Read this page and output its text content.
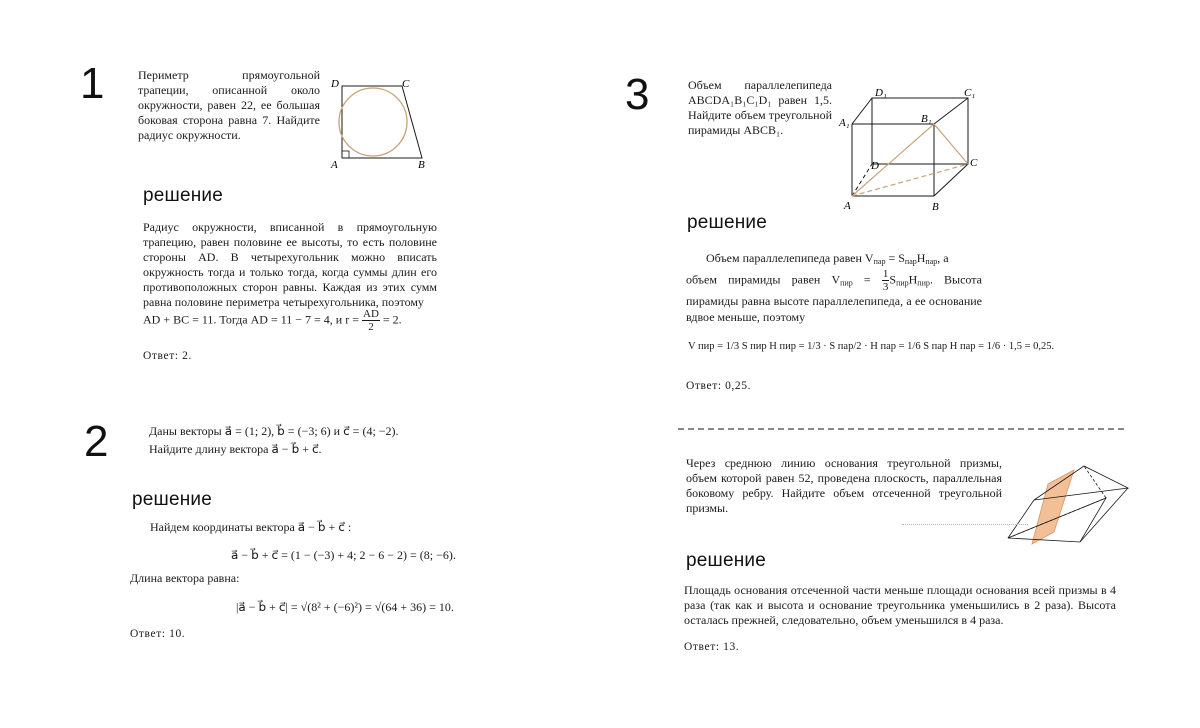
1	Периметр прямоугольной трапеции, описанной около окружности, равен 22, ее большая боковая сторона равна 7. Найдите радиус окружности.
D	C
A	B
решение
Радиус окружности, вписанной в прямоугольную трапецию, равен половине ее высоты, то есть половине стороны AD. В четырехугольник можно вписать окружность тогда и только тогда, когда суммы длин его противоположных сторон равны. Каждая из этих сумм равна половине периметра четырехугольника, поэтому
AD + BC = 11. Тогда AD = 11 − 7 = 4, и $r = \frac{AD}{2} = 2$.
Ответ: 2.
2	Даны векторы a⃗ = (1; 2), b⃗ = (−3; 6) и c⃗ = (4; −2).
Найдите длину вектора a⃗ − b⃗ + c⃗.
решение
Найдем координаты вектора a⃗ − b⃗ + c⃗ :
a⃗ − b⃗ + c⃗ = (1 − (−3) + 4; 2 − 6 − 2) = (8; −6).
Длина вектора равна:
|a⃗ − b⃗ + c⃗| = √(8² + (−6)²) = √(64 + 36) = 10.
Ответ: 10.
3	Объем параллелепипеда ABCDA₁B₁C₁D₁ равен 1,5. Найдите объем треугольной пирамиды ABCB₁.
D₁	C₁
A₁	B₁
D	C
A	B
решение
Объем параллелепипеда равен $V_{пар} = S_{пар}H_{пар}$, а
объем пирамиды равен $V_{пир} = \frac{1}{3} S_{пир}H_{пир}$. Высота пирамиды равна высоте параллелепипеда, а ее основание вдвое меньше, поэтому
V пир = 1/3 S пир H пир = 1/3 · S пар/2 · H пар = 1/6 S пар H пар = 1/6 · 1,5 = 0,25.
Ответ: 0,25.
Через среднюю линию основания треугольной призмы, объем которой равен 52, проведена плоскость, параллельная боковому ребру. Найдите объем отсеченной треугольной призмы.
решение
Площадь основания отсеченной части меньше площади основания всей призмы в 4 раза (так как и высота и основание треугольника уменьшились в 2 раза). Высота осталась прежней, следовательно, объем уменьшился в 4 раза.
Ответ: 13.
